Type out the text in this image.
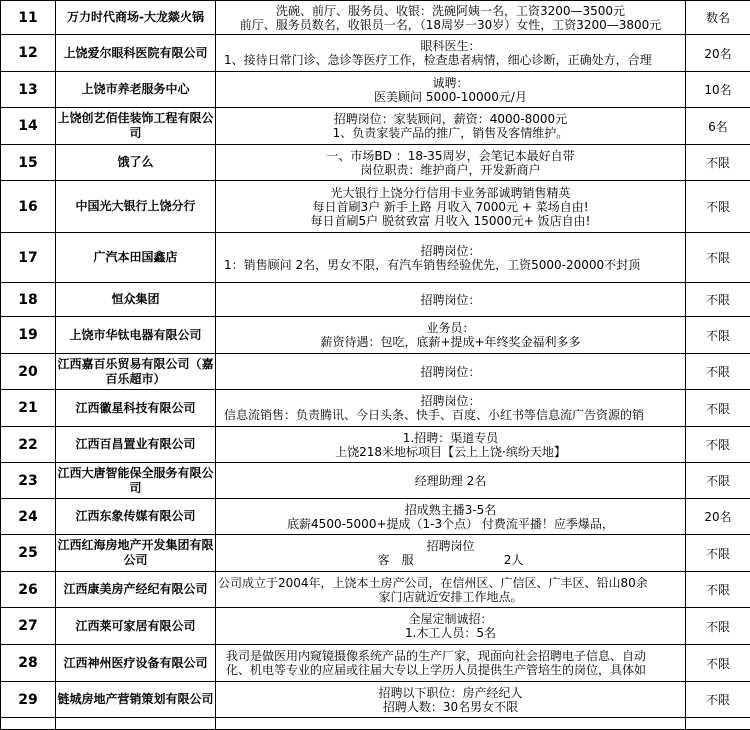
11	万力时代商场-大龙燚火锅	洗碗、前厅、服务员、收银：洗碗阿姨一名，工资3200—3500元
前厅、服务员数名，收银员一名，（18周岁一30岁）女性，工资3200—3800元	数名
12	上饶爱尔眼科医院有限公司	眼科医生：
1、接待日常门诊、急诊等医疗工作，检查患者病情，细心诊断，正确处方，合理	20名
13	上饶市养老服务中心	诚聘：
医美顾问 5000-10000元/月	10名
14	上饶创艺佰佳装饰工程有限公司	招聘岗位：家装顾问，薪资：4000-8000元
1、负责家装产品的推广，销售及客情维护。	6名
15	饿了么	一、市场BD ：18-35周岁，会笔记本最好自带
岗位职责：维护商户，开发新商户	不限
16	中国光大银行上饶分行	光大银行上饶分行信用卡业务部诚聘销售精英
每日首刷3户 新手上路 月收入 7000元 + 菜场自由!
每日首刷5户 脱贫致富 月收入 15000元+ 饭店自由!	不限
17	广汽本田国鑫店	招聘岗位：
1：销售顾问 2名，男女不限，有汽车销售经验优先，工资5000-20000不封顶	不限
18	恒众集团	招聘岗位：	不限
19	上饶市华钛电器有限公司	业务员：
薪资待遇：包吃，底薪+提成+年终奖金福利多多	不限
20	江西嘉百乐贸易有限公司（嘉百乐超市）	招聘岗位：	不限
21	江西徽星科技有限公司	招聘岗位：
信息流销售：负责腾讯、今日头条、快手、百度、小红书等信息流广告资源的销	不限
22	江西百昌置业有限公司	1.招聘：渠道专员
上饶218米地标项目【云上上饶·缤纷天地】	不限
23	江西大唐智能保全服务有限公司	经理助理 2名	不限
24	江西东象传媒有限公司	招成熟主播3-5名
底薪4500-5000+提成（1-3个点） 付费流平播！应季爆品，	20名
25	江西红海房地产开发集团有限公司	招聘岗位
客　服 2人	不限
26	江西康美房产经纪有限公司	公司成立于2004年，上饶本土房产公司，在信州区、广信区、广丰区、铅山80余
家门店就近安排工作地点。	不限
27	江西莱可家居有限公司	全屋定制诚招：
1.木工人员：5名	不限
28	江西神州医疗设备有限公司	我司是做医用内窥镜摄像系统产品的生产厂家，现面向社会招聘电子信息、自动
化、机电等专业的应届或往届大专以上学历人员提供生产管培生的岗位，具体如	不限
29	链城房地产营销策划有限公司	招聘以下职位：房产经纪人
招聘人数：30名男女不限	不限
